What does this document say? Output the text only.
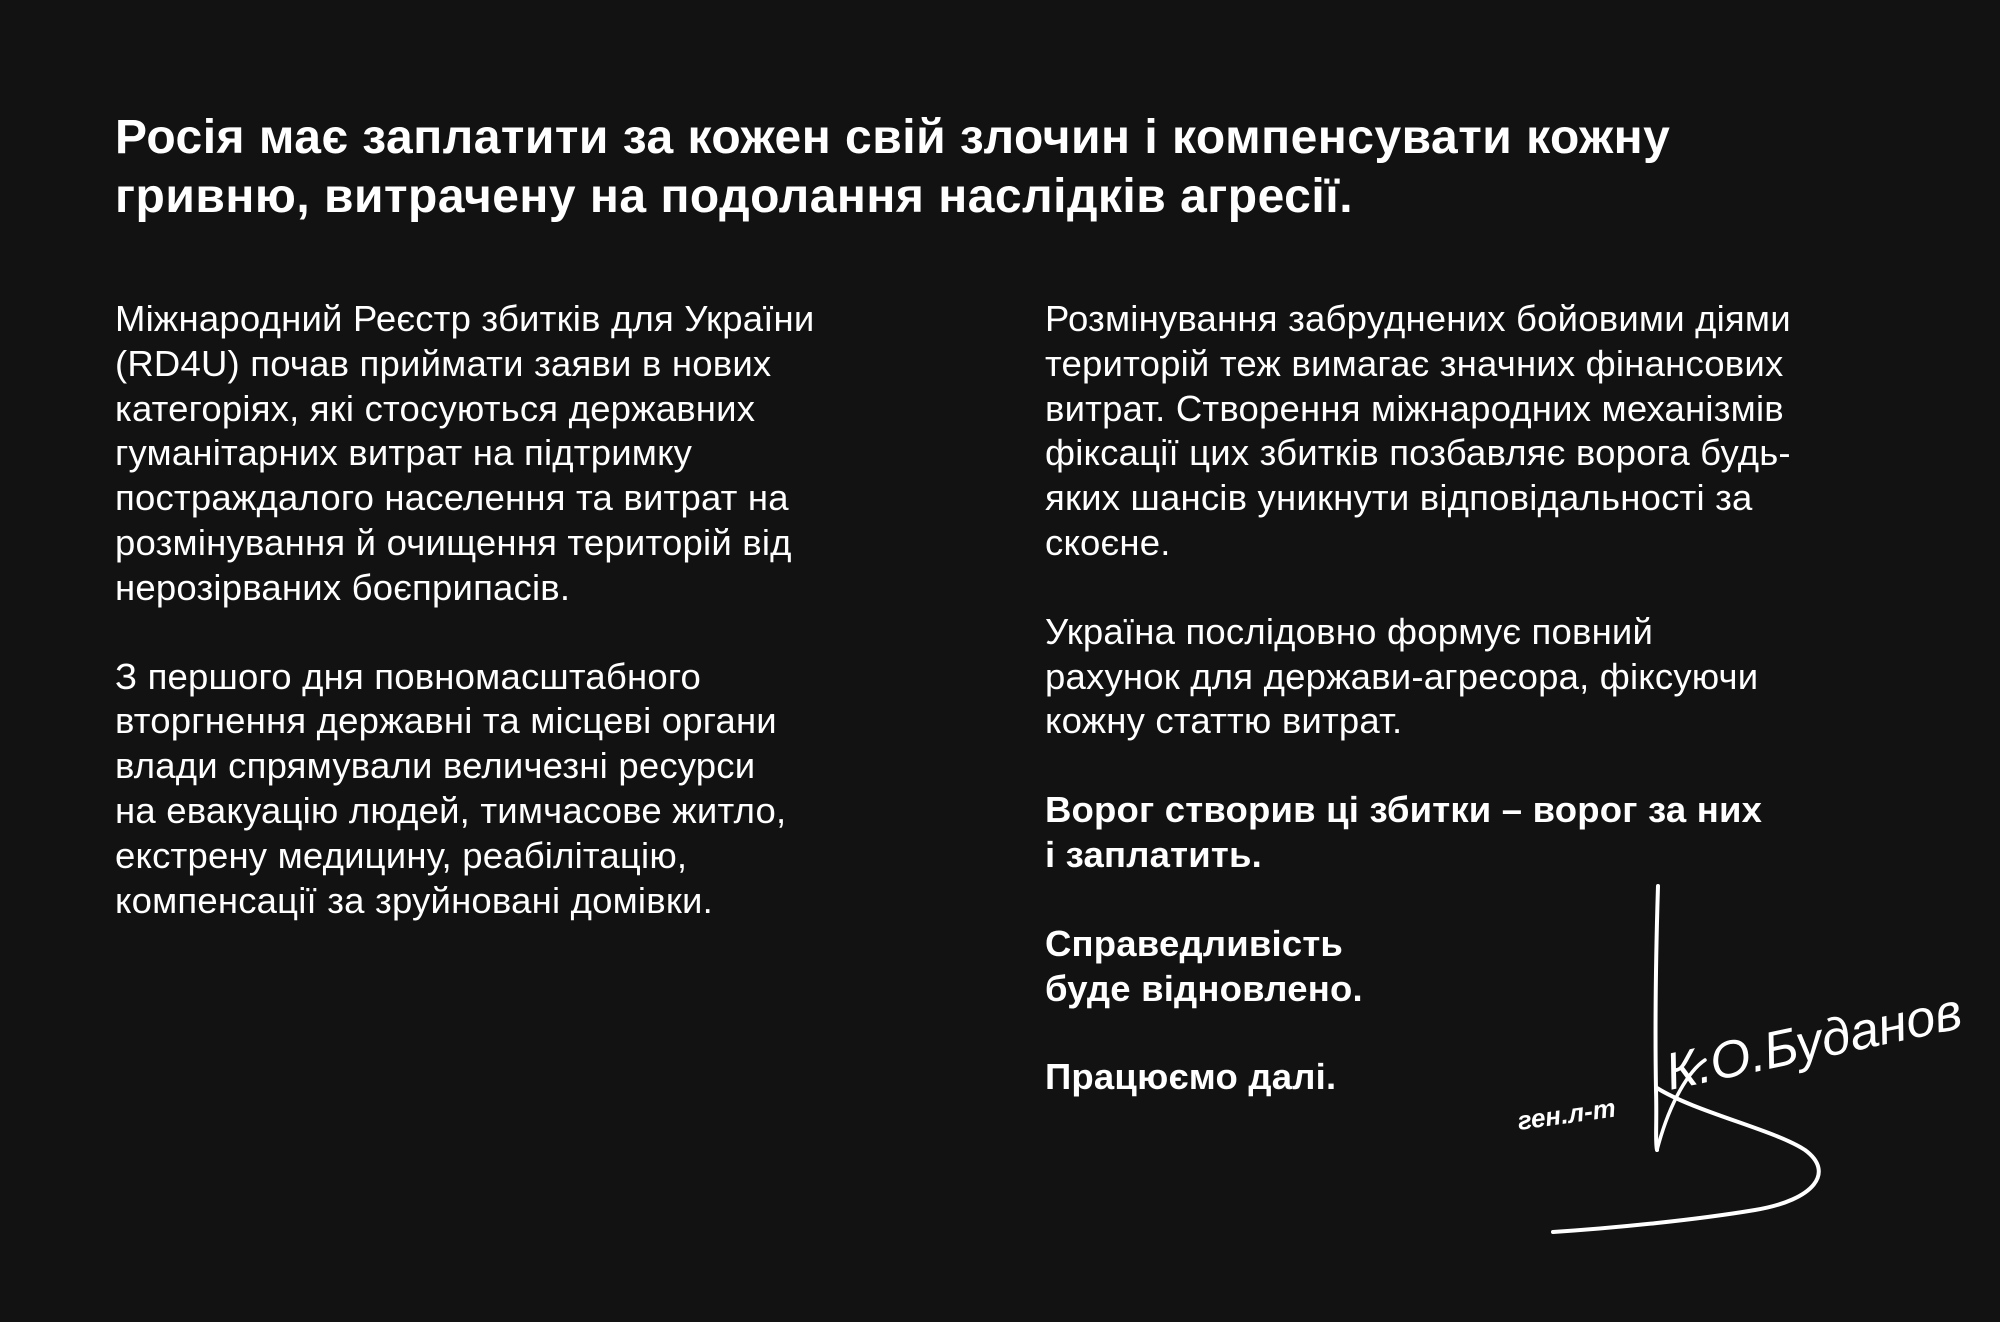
Росія має заплатити за кожен свій злочин і компенсувати кожну
гривню, витрачену на подолання наслідків агресії.

Міжнародний Реєстр збитків для України
(RD4U) почав приймати заяви в нових
категоріях, які стосуються державних
гуманітарних витрат на підтримку
постраждалого населення та витрат на
розмінування й очищення територій від
нерозірваних боєприпасів.

З першого дня повномасштабного
вторгнення державні та місцеві органи
влади спрямували величезні ресурси
на евакуацію людей, тимчасове житло,
екстрену медицину, реабілітацію,
компенсації за зруйновані домівки.

Розмінування забруднених бойовими діями
територій теж вимагає значних фінансових
витрат. Створення міжнародних механізмів
фіксації цих збитків позбавляє ворога будь-
яких шансів уникнути відповідальності за
скоєне.

Україна послідовно формує повний
рахунок для держави-агресора, фіксуючи
кожну статтю витрат.

Ворог створив ці збитки – ворог за них
і заплатить.

Справедливість
буде відновлено.

Працюємо далі.

ген.л-т
К.О.Буданов
